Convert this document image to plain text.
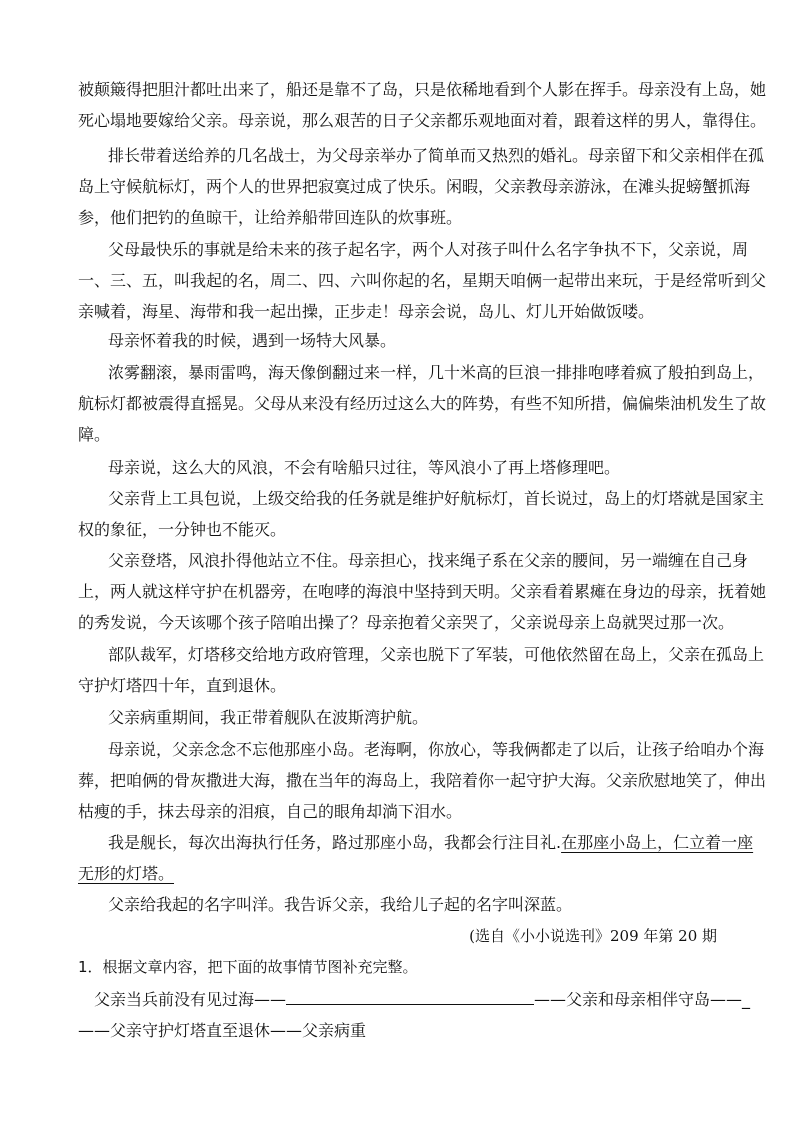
被颠簸得把胆汁都吐出来了，船还是靠不了岛，只是依稀地看到个人影在挥手。母亲没有上岛，她
死心塌地要嫁给父亲。母亲说，那么艰苦的日子父亲都乐观地面对着，跟着这样的男人，靠得住。

排长带着送给养的几名战士，为父母亲举办了简单而又热烈的婚礼。母亲留下和父亲相伴在孤
岛上守候航标灯，两个人的世界把寂寞过成了快乐。闲暇，父亲教母亲游泳，在滩头捉螃蟹抓海
参，他们把钓的鱼晾干，让给养船带回连队的炊事班。

父母最快乐的事就是给未来的孩子起名字，两个人对孩子叫什么名字争执不下，父亲说，周
一、三、五，叫我起的名，周二、四、六叫你起的名，星期天咱俩一起带出来玩，于是经常听到父
亲喊着，海星、海带和我一起出操，正步走！母亲会说，岛儿、灯儿开始做饭喽。

母亲怀着我的时候，遇到一场特大风暴。

浓雾翻滚，暴雨雷鸣，海天像倒翻过来一样，几十米高的巨浪一排排咆哮着疯了般拍到岛上，
航标灯都被震得直摇晃。父母从来没有经历过这么大的阵势，有些不知所措，偏偏柴油机发生了故
障。

母亲说，这么大的风浪，不会有啥船只过往，等风浪小了再上塔修理吧。

父亲背上工具包说，上级交给我的任务就是维护好航标灯，首长说过，岛上的灯塔就是国家主
权的象征，一分钟也不能灭。

父亲登塔，风浪扑得他站立不住。母亲担心，找来绳子系在父亲的腰间，另一端缠在自己身
上，两人就这样守护在机器旁，在咆哮的海浪中坚持到天明。父亲看着累瘫在身边的母亲，抚着她
的秀发说，今天该哪个孩子陪咱出操了？母亲抱着父亲哭了，父亲说母亲上岛就哭过那一次。

部队裁军，灯塔移交给地方政府管理，父亲也脱下了军装，可他依然留在岛上，父亲在孤岛上
守护灯塔四十年，直到退休。

父亲病重期间，我正带着舰队在波斯湾护航。

母亲说，父亲念念不忘他那座小岛。老海啊，你放心，等我俩都走了以后，让孩子给咱办个海
葬，把咱俩的骨灰撒进大海，撒在当年的海岛上，我陪着你一起守护大海。父亲欣慰地笑了，伸出
枯瘦的手，抹去母亲的泪痕，自己的眼角却淌下泪水。

我是舰长，每次出海执行任务，路过那座小岛，我都会行注目礼.在那座小岛上，仁立着一座
无形的灯塔。

父亲给我起的名字叫洋。我告诉父亲，我给儿子起的名字叫深蓝。

(选自《小小说选刊》209 年第 20 期
1．根据文章内容，把下面的故事情节图补充完整。
父亲当兵前没有见过海——	——父亲和母亲相伴守岛——_
——父亲守护灯塔直至退休——父亲病重
